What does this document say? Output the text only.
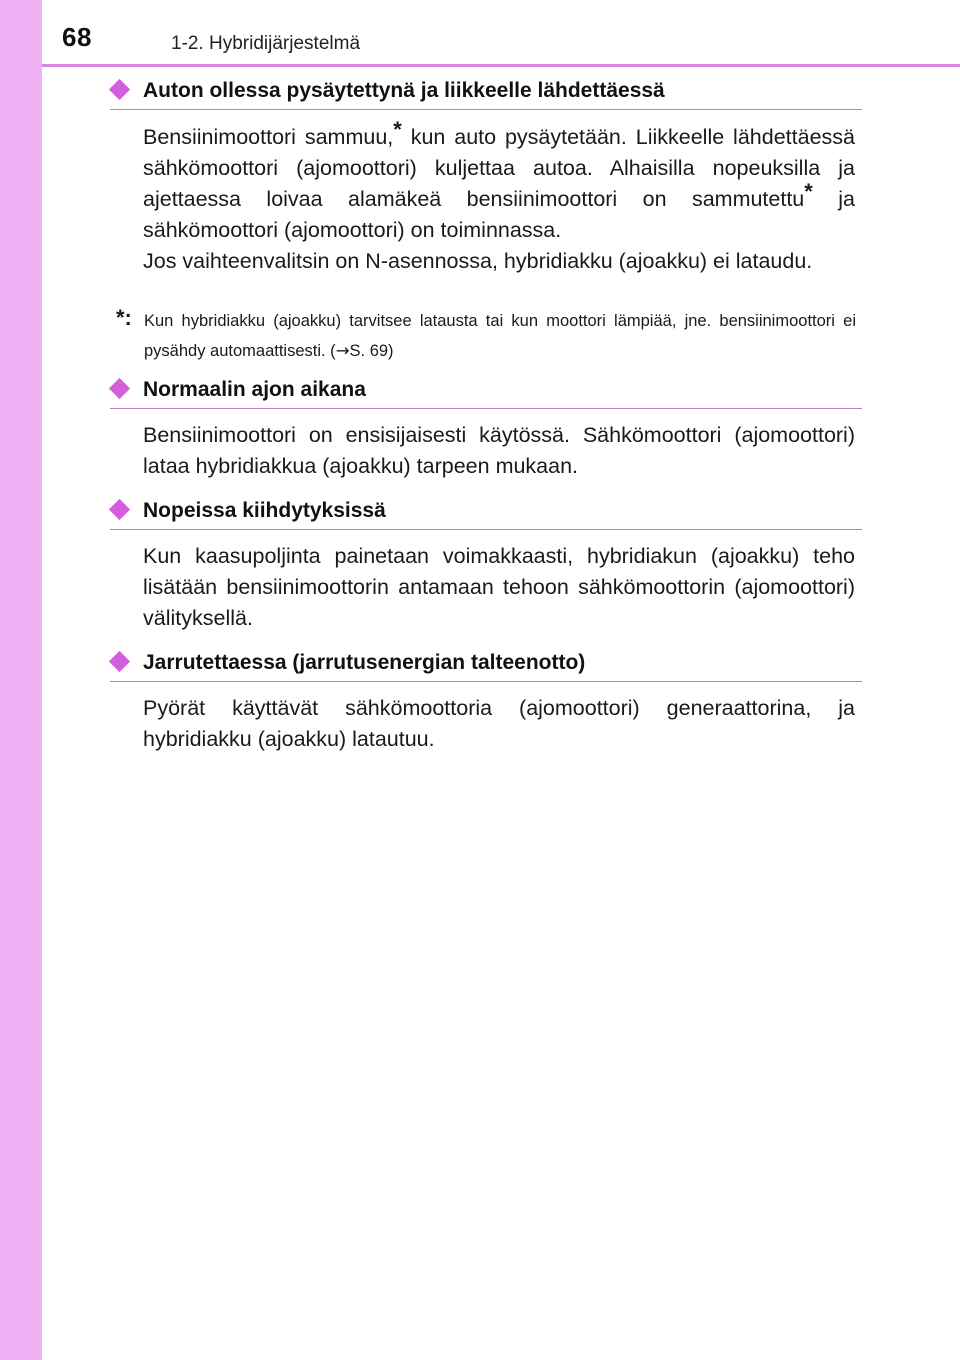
68	1-2. Hybridijärjestelmä
Auton ollessa pysäytettynä ja liikkeelle lähdettäessä
Bensiinimoottori sammuu,* kun auto pysäytetään. Liikkeelle lähdettäessä sähkömoottori (ajomoottori) kuljettaa autoa. Alhaisilla nopeuksilla ja ajettaessa loivaa alamäkeä bensiinimoottori on sammutettu* ja sähkömoottori (ajomoottori) on toiminnassa.
Jos vaihteenvalitsin on N-asennossa, hybridiakku (ajoakku) ei lataudu.
*: Kun hybridiakku (ajoakku) tarvitsee latausta tai kun moottori lämpiää, jne. bensiinimoottori ei pysähdy automaattisesti. (→S. 69)
Normaalin ajon aikana
Bensiinimoottori on ensisijaisesti käytössä. Sähkömoottori (ajomoottori) lataa hybridiakkua (ajoakku) tarpeen mukaan.
Nopeissa kiihdytyksissä
Kun kaasupoljinta painetaan voimakkaasti, hybridiakun (ajoakku) teho lisätään bensiinimoottorin antamaan tehoon sähkömoottorin (ajomoottori) välityksellä.
Jarrutettaessa (jarrutusenergian talteenotto)
Pyörät käyttävät sähkömoottoria (ajomoottori) generaattorina, ja hybridiakku (ajoakku) latautuu.
